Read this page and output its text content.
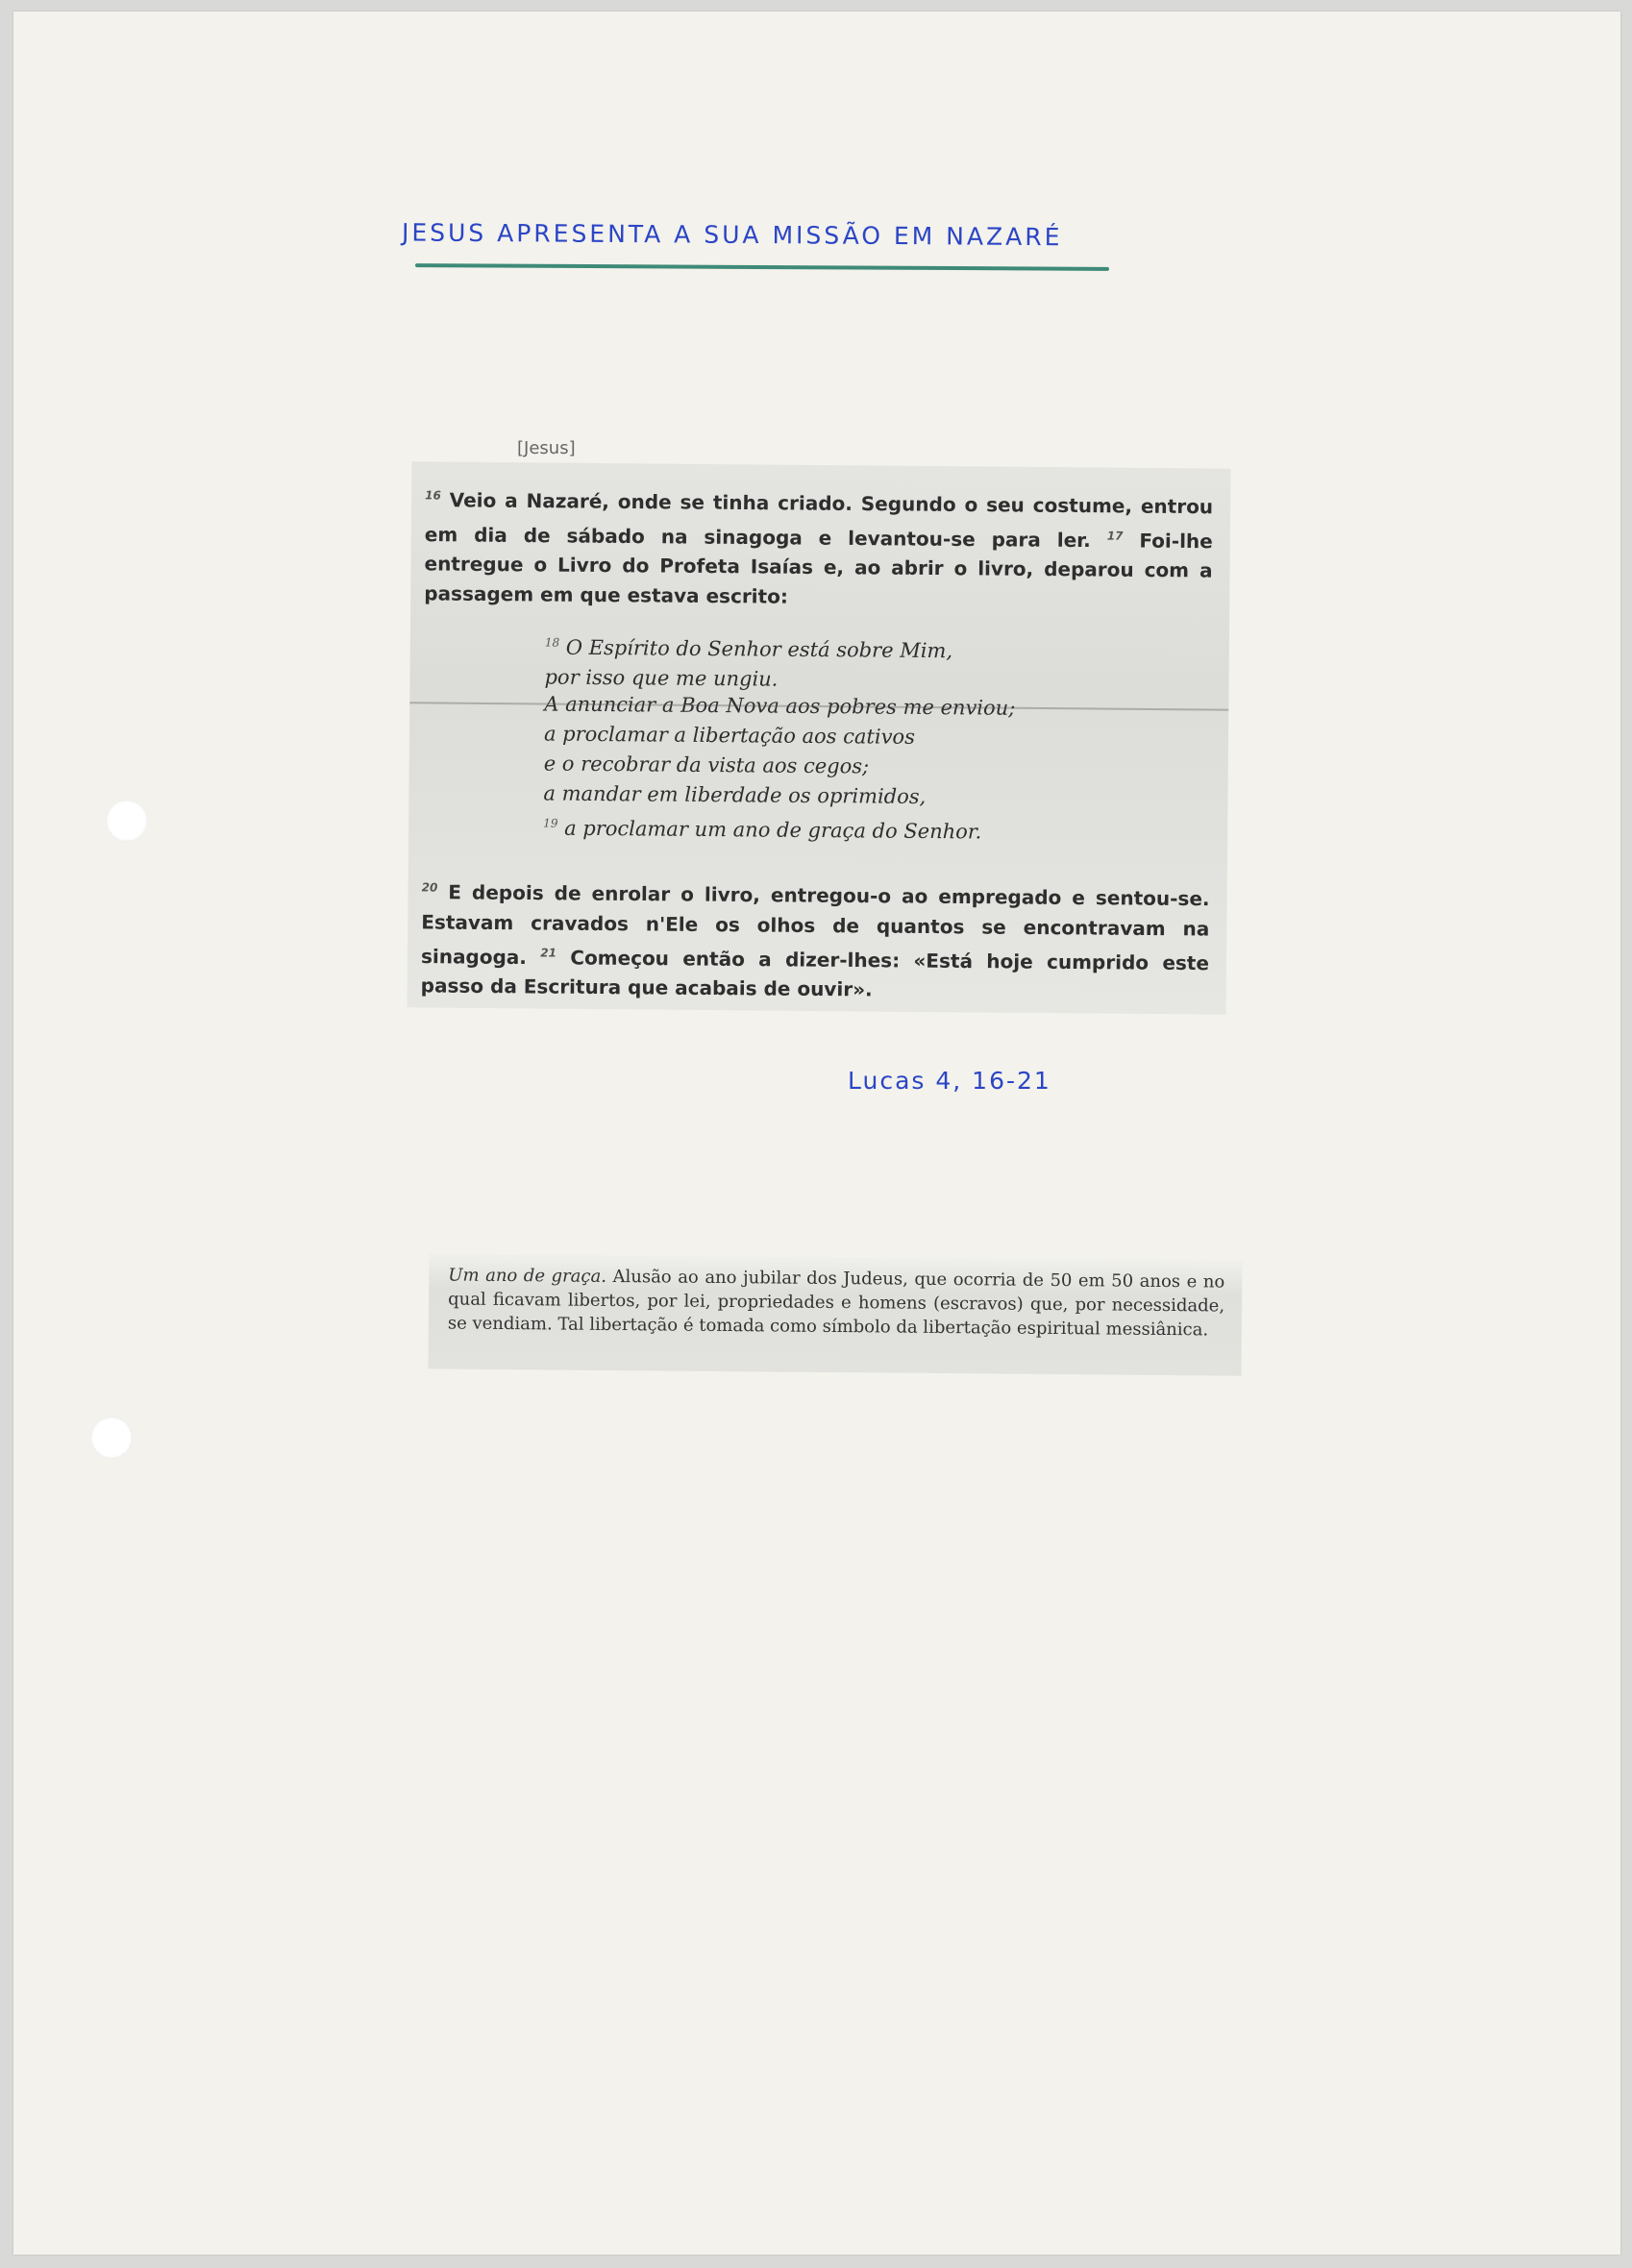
JESUS APRESENTA A SUA MISSÃO EM NAZARÉ
[Jesus]

$^{16}$ Veio a Nazaré, onde se tinha criado. Segundo o seu costume, entrou em dia de sábado na sinagoga e levantou-se para ler. $^{17}$ Foi-lhe entregue o Livro do Profeta Isaías e, ao abrir o livro, deparou com a passagem em que estava escrito:

$^{18}$ O Espírito do Senhor está sobre Mim,
por isso que me ungiu.
A anunciar a Boa Nova aos pobres me enviou;
a proclamar a libertação aos cativos
e o recobrar da vista aos cegos;
a mandar em liberdade os oprimidos,
$^{19}$ a proclamar um ano de graça do Senhor.

$^{20}$ E depois de enrolar o livro, entregou-o ao empregado e sentou-se. Estavam cravados n'Ele os olhos de quantos se encontravam na sinagoga. $^{21}$ Começou então a dizer-lhes: «Está hoje cumprido este passo da Escritura que acabais de ouvir».

Lucas 4, 16-21

Um ano de graça. Alusão ao ano jubilar dos Judeus, que ocorria de 50 em 50 anos e no qual ficavam libertos, por lei, propriedades e homens (escravos) que, por necessidade, se vendiam. Tal libertação é tomada como símbolo da libertação espiritual messiânica.
